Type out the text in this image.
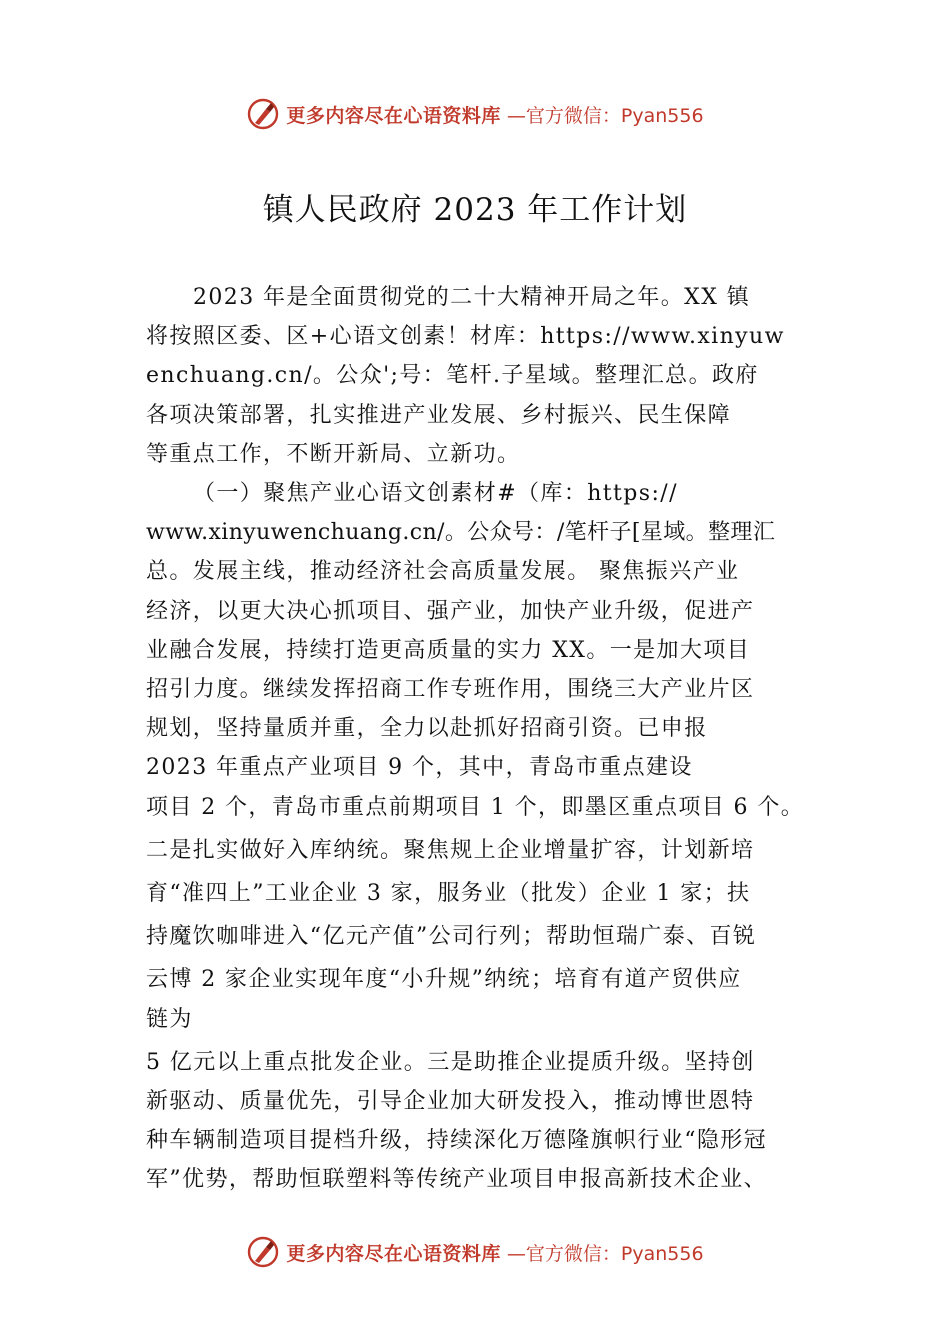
更多内容尽在心语资料库 —官方微信：Pyan556
镇人民政府 2023 年工作计划
2023 年是全面贯彻党的二十大精神开局之年。XX 镇
将按照区委、区+心语文创素！材库：https://www.xinyuw
enchuang.cn/。公众';号：笔杆.子星域。整理汇总。政府
各项决策部署，扎实推进产业发展、乡村振兴、民生保障
等重点工作，不断开新局、立新功。
（一）聚焦产业心语文创素材#（库：https://
www.xinyuwenchuang.cn/。公众号：/笔杆子[星域。整理汇
总。发展主线，推动经济社会高质量发展。 聚焦振兴产业
经济，以更大决心抓项目、强产业，加快产业升级，促进产
业融合发展，持续打造更高质量的实力 XX。一是加大项目
招引力度。继续发挥招商工作专班作用，围绕三大产业片区
规划，坚持量质并重，全力以赴抓好招商引资。已申报
2023 年重点产业项目 9 个，其中，青岛市重点建设
项目 2 个，青岛市重点前期项目 1 个，即墨区重点项目 6 个。
二是扎实做好入库纳统。聚焦规上企业增量扩容，计划新培
育“准四上”工业企业 3 家，服务业（批发）企业 1 家；扶
持魔饮咖啡进入“亿元产值”公司行列；帮助恒瑞广泰、百锐
云博 2 家企业实现年度“小升规”纳统；培育有道产贸供应
链为
5 亿元以上重点批发企业。三是助推企业提质升级。坚持创
新驱动、质量优先，引导企业加大研发投入，推动博世恩特
种车辆制造项目提档升级，持续深化万德隆旗帜行业“隐形冠
军”优势，帮助恒联塑料等传统产业项目申报高新技术企业、
更多内容尽在心语资料库 —官方微信：Pyan556
